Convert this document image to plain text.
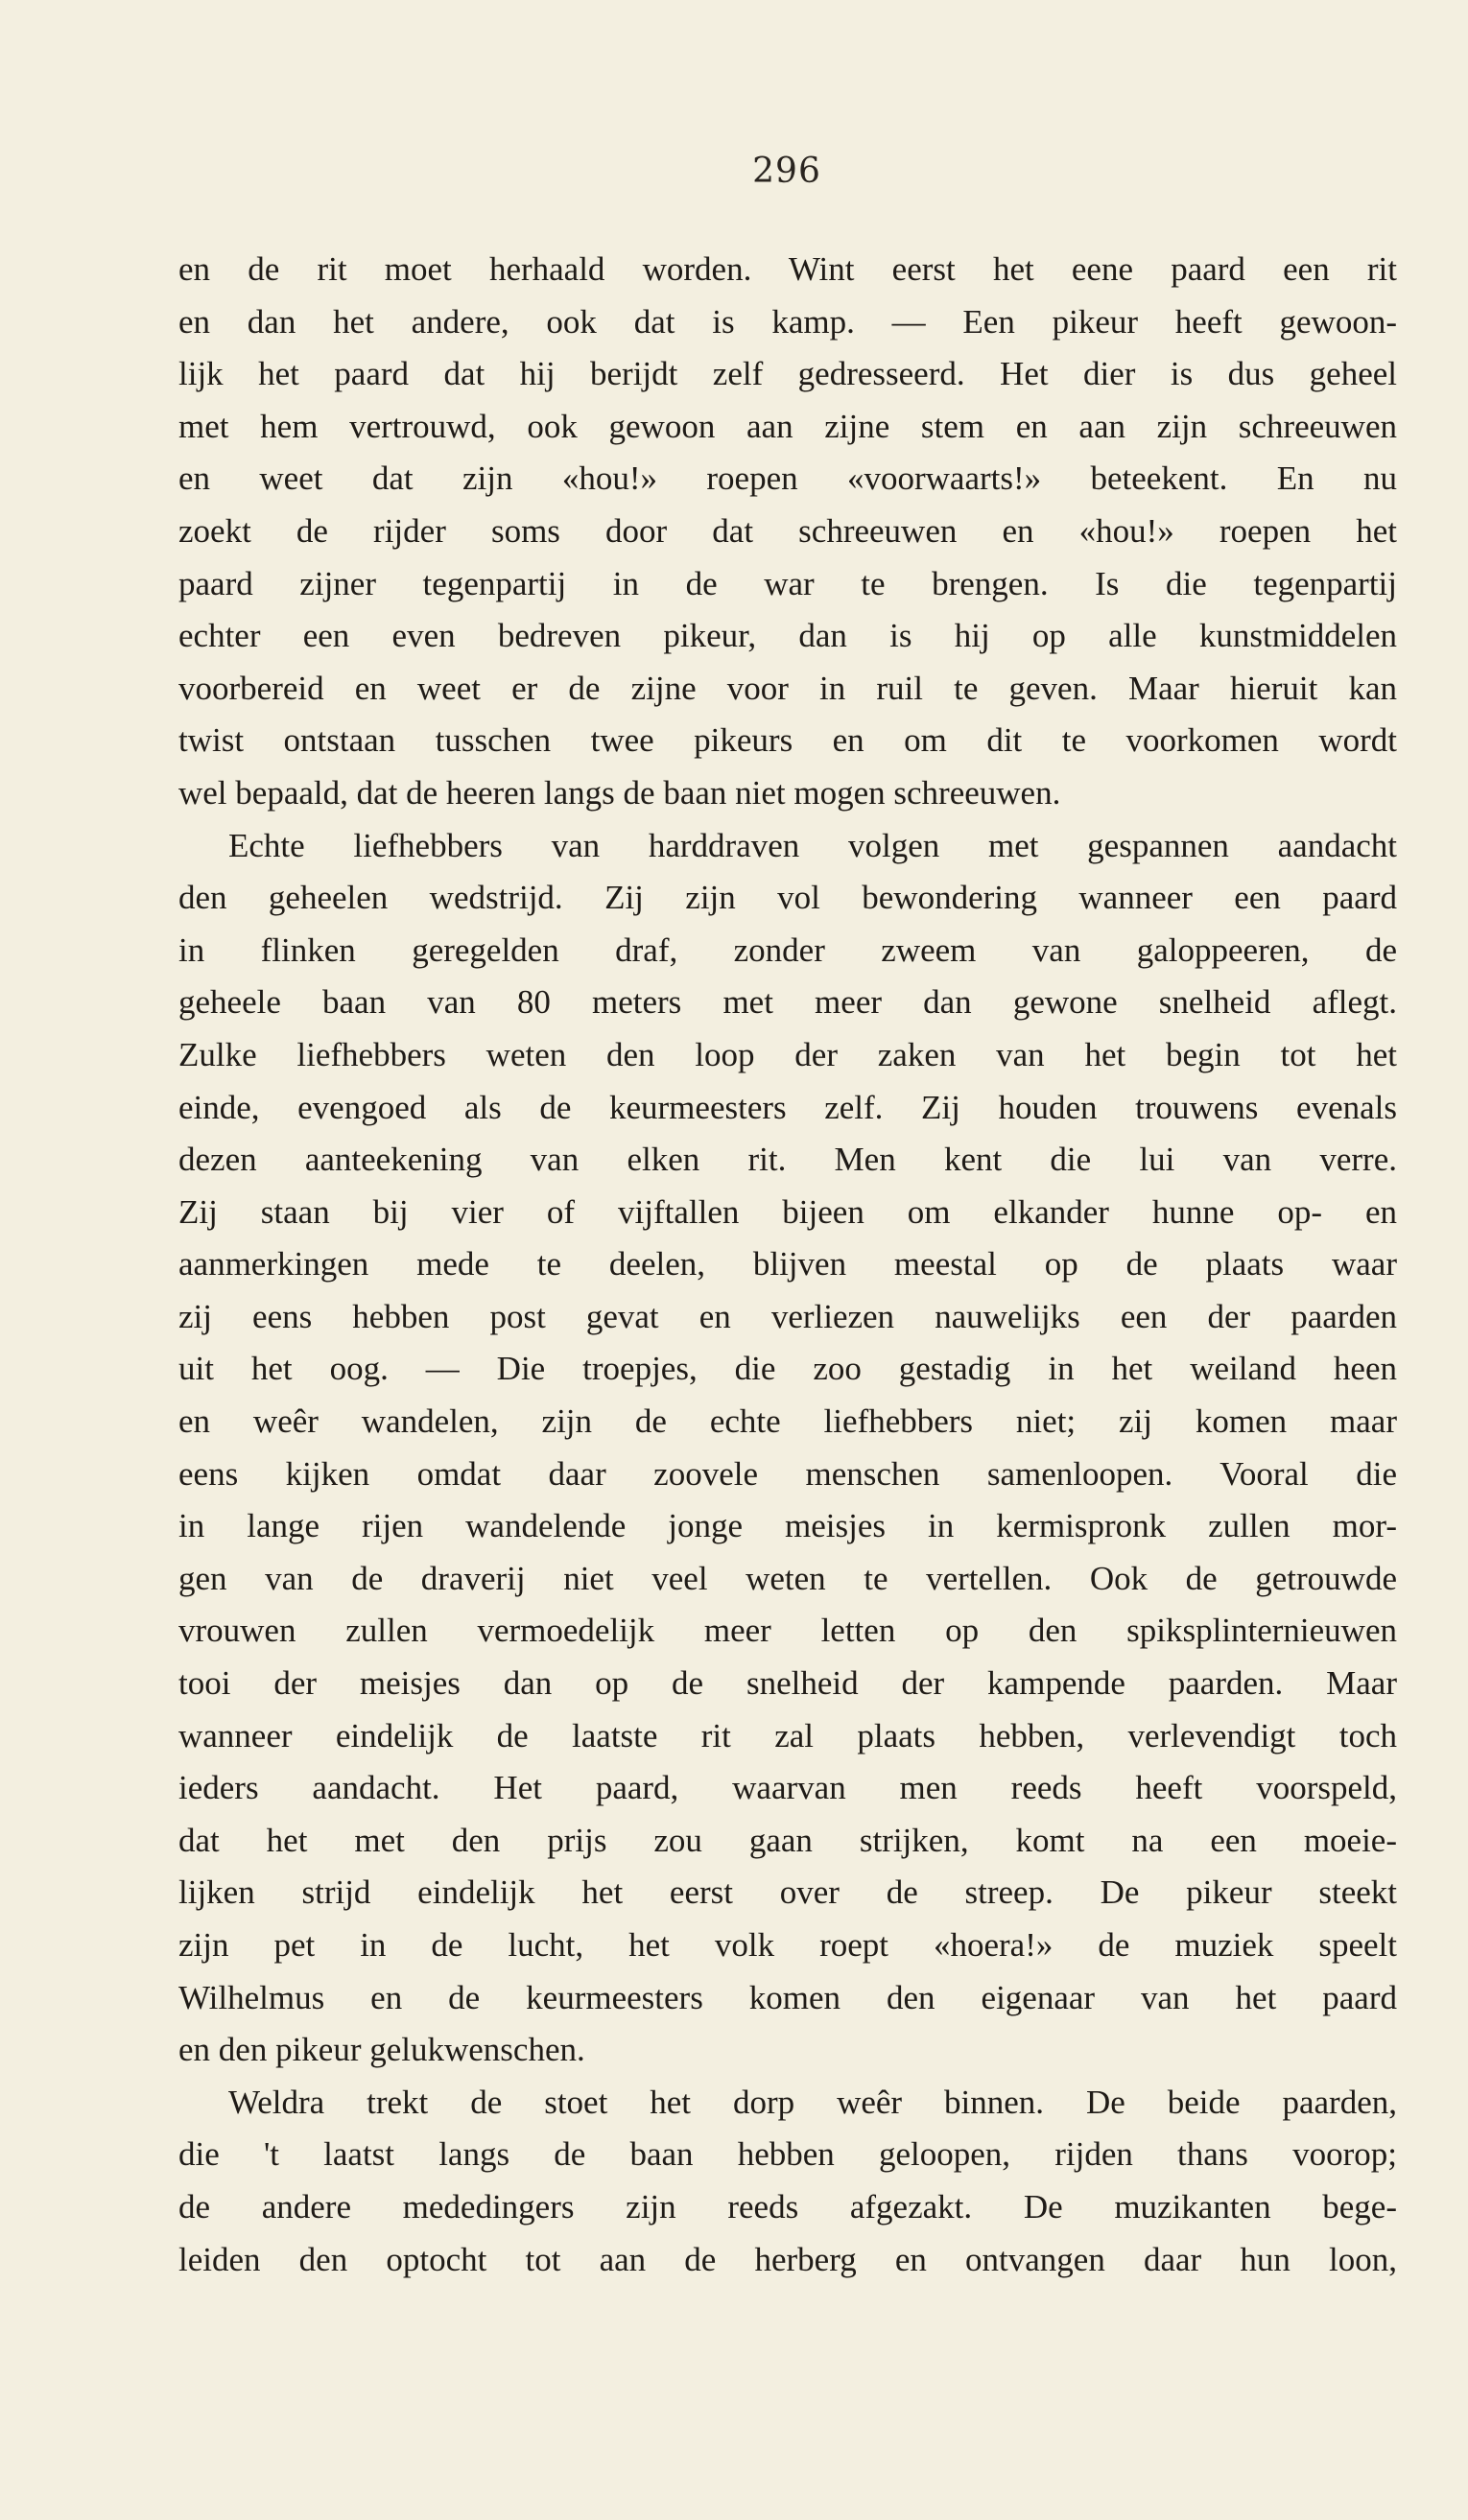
296
en de rit moet herhaald worden. Wint eerst het eene paard een rit
en dan het andere, ook dat is kamp. — Een pikeur heeft gewoon-
lijk het paard dat hij berijdt zelf gedresseerd. Het dier is dus geheel
met hem vertrouwd, ook gewoon aan zijne stem en aan zijn schreeuwen
en weet dat zijn «hou!» roepen «voorwaarts!» beteekent. En nu
zoekt de rijder soms door dat schreeuwen en «hou!» roepen het
paard zijner tegenpartij in de war te brengen. Is die tegenpartij
echter een even bedreven pikeur, dan is hij op alle kunstmiddelen
voorbereid en weet er de zijne voor in ruil te geven. Maar hieruit kan
twist ontstaan tusschen twee pikeurs en om dit te voorkomen wordt
wel bepaald, dat de heeren langs de baan niet mogen schreeuwen.
Echte liefhebbers van harddraven volgen met gespannen aandacht
den geheelen wedstrijd. Zij zijn vol bewondering wanneer een paard
in flinken geregelden draf, zonder zweem van galoppeeren, de
geheele baan van 80 meters met meer dan gewone snelheid aflegt.
Zulke liefhebbers weten den loop der zaken van het begin tot het
einde, evengoed als de keurmeesters zelf. Zij houden trouwens evenals
dezen aanteekening van elken rit. Men kent die lui van verre.
Zij staan bij vier of vijftallen bijeen om elkander hunne op- en
aanmerkingen mede te deelen, blijven meestal op de plaats waar
zij eens hebben post gevat en verliezen nauwelijks een der paarden
uit het oog. — Die troepjes, die zoo gestadig in het weiland heen
en weêr wandelen, zijn de echte liefhebbers niet; zij komen maar
eens kijken omdat daar zoovele menschen samenloopen. Vooral die
in lange rijen wandelende jonge meisjes in kermispronk zullen mor-
gen van de draverij niet veel weten te vertellen. Ook de getrouwde
vrouwen zullen vermoedelijk meer letten op den spiksplinternieuwen
tooi der meisjes dan op de snelheid der kampende paarden. Maar
wanneer eindelijk de laatste rit zal plaats hebben, verlevendigt toch
ieders aandacht. Het paard, waarvan men reeds heeft voorspeld,
dat het met den prijs zou gaan strijken, komt na een moeie-
lijken strijd eindelijk het eerst over de streep. De pikeur steekt
zijn pet in de lucht, het volk roept «hoera!» de muziek speelt
Wilhelmus en de keurmeesters komen den eigenaar van het paard
en den pikeur gelukwenschen.
Weldra trekt de stoet het dorp weêr binnen. De beide paarden,
die 't laatst langs de baan hebben geloopen, rijden thans voorop;
de andere mededingers zijn reeds afgezakt. De muzikanten bege-
leiden den optocht tot aan de herberg en ontvangen daar hun loon,
